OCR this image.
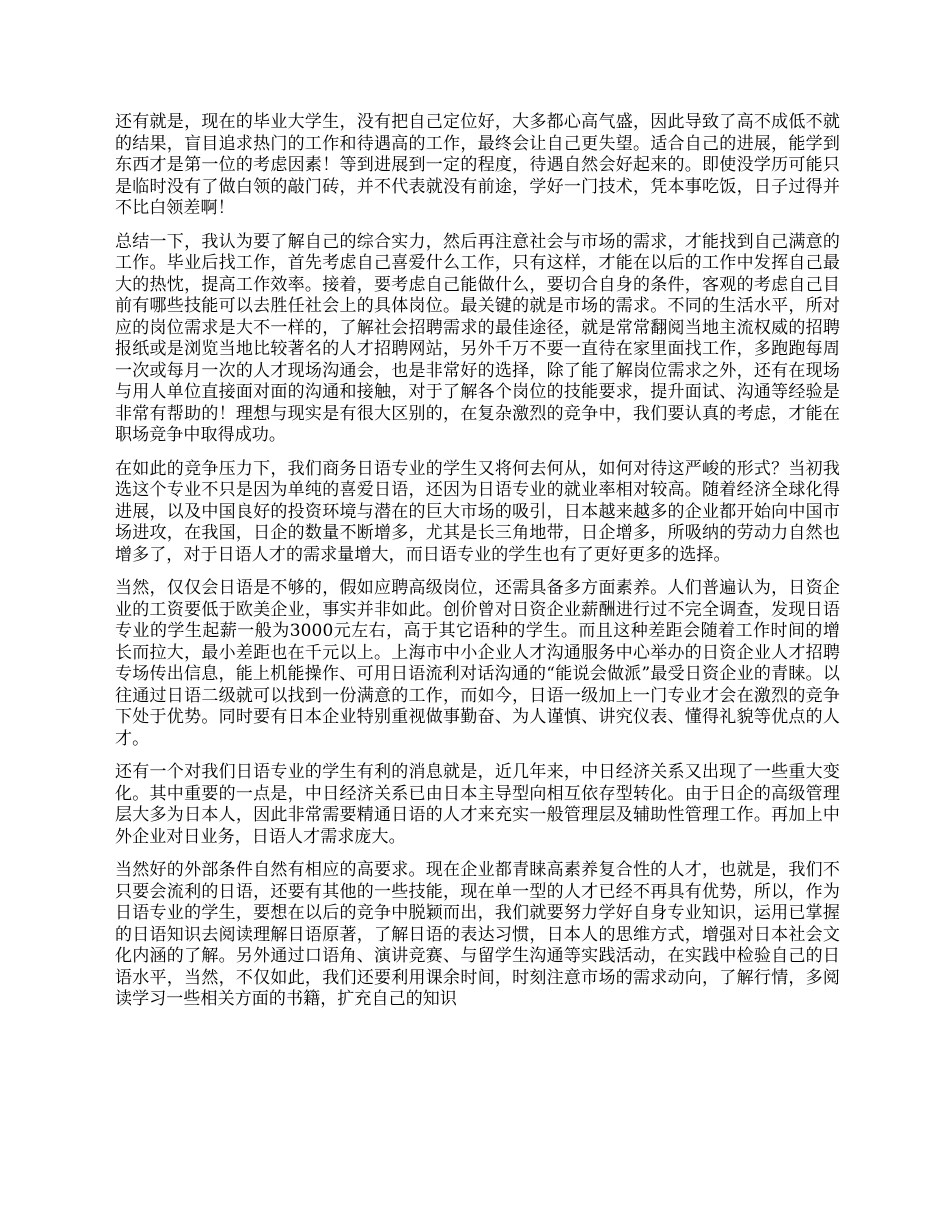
还有就是，现在的毕业大学生，没有把自己定位好，大多都心高气盛，因此导致了高不成低不就的结果，盲目追求热门的工作和待遇高的工作，最终会让自己更失望。适合自己的进展，能学到东西才是第一位的考虑因素！等到进展到一定的程度，待遇自然会好起来的。即使没学历可能只是临时没有了做白领的敲门砖，并不代表就没有前途，学好一门技术，凭本事吃饭，日子过得并不比白领差啊！

总结一下，我认为要了解自己的综合实力，然后再注意社会与市场的需求，才能找到自己满意的工作。毕业后找工作，首先考虑自己喜爱什么工作，只有这样，才能在以后的工作中发挥自己最大的热忱，提高工作效率。接着，要考虑自己能做什么，要切合自身的条件，客观的考虑自己目前有哪些技能可以去胜任社会上的具体岗位。最关键的就是市场的需求。不同的生活水平，所对应的岗位需求是大不一样的，了解社会招聘需求的最佳途径，就是常常翻阅当地主流权威的招聘报纸或是浏览当地比较著名的人才招聘网站，另外千万不要一直待在家里面找工作，多跑跑每周一次或每月一次的人才现场沟通会，也是非常好的选择，除了能了解岗位需求之外，还有在现场与用人单位直接面对面的沟通和接触，对于了解各个岗位的技能要求，提升面试、沟通等经验是非常有帮助的！理想与现实是有很大区别的，在复杂激烈的竞争中，我们要认真的考虑，才能在职场竞争中取得成功。

在如此的竞争压力下，我们商务日语专业的学生又将何去何从，如何对待这严峻的形式？当初我选这个专业不只是因为单纯的喜爱日语，还因为日语专业的就业率相对较高。随着经济全球化得进展，以及中国良好的投资环境与潜在的巨大市场的吸引，日本越来越多的企业都开始向中国市场进攻，在我国，日企的数量不断增多，尤其是长三角地带，日企增多，所吸纳的劳动力自然也增多了，对于日语人才的需求量增大，而日语专业的学生也有了更好更多的选择。

当然，仅仅会日语是不够的，假如应聘高级岗位，还需具备多方面素养。人们普遍认为，日资企业的工资要低于欧美企业，事实并非如此。创价曾对日资企业薪酬进行过不完全调查，发现日语专业的学生起薪一般为3000元左右，高于其它语种的学生。而且这种差距会随着工作时间的增长而拉大，最小差距也在千元以上。上海市中小企业人才沟通服务中心举办的日资企业人才招聘专场传出信息，能上机能操作、可用日语流利对话沟通的“能说会做派”最受日资企业的青睐。以往通过日语二级就可以找到一份满意的工作，而如今，日语一级加上一门专业才会在激烈的竞争下处于优势。同时要有日本企业特别重视做事勤奋、为人谨慎、讲究仪表、懂得礼貌等优点的人才。

还有一个对我们日语专业的学生有利的消息就是，近几年来，中日经济关系又出现了一些重大变化。其中重要的一点是，中日经济关系已由日本主导型向相互依存型转化。由于日企的高级管理层大多为日本人，因此非常需要精通日语的人才来充实一般管理层及辅助性管理工作。再加上中外企业对日业务，日语人才需求庞大。

当然好的外部条件自然有相应的高要求。现在企业都青睐高素养复合性的人才，也就是，我们不只要会流利的日语，还要有其他的一些技能，现在单一型的人才已经不再具有优势，所以，作为日语专业的学生，要想在以后的竞争中脱颖而出，我们就要努力学好自身专业知识，运用已掌握的日语知识去阅读理解日语原著，了解日语的表达习惯，日本人的思维方式，增强对日本社会文化内涵的了解。另外通过口语角、演讲竞赛、与留学生沟通等实践活动，在实践中检验自己的日语水平，当然，不仅如此，我们还要利用课余时间，时刻注意市场的需求动向，了解行情，多阅读学习一些相关方面的书籍，扩充自己的知识
